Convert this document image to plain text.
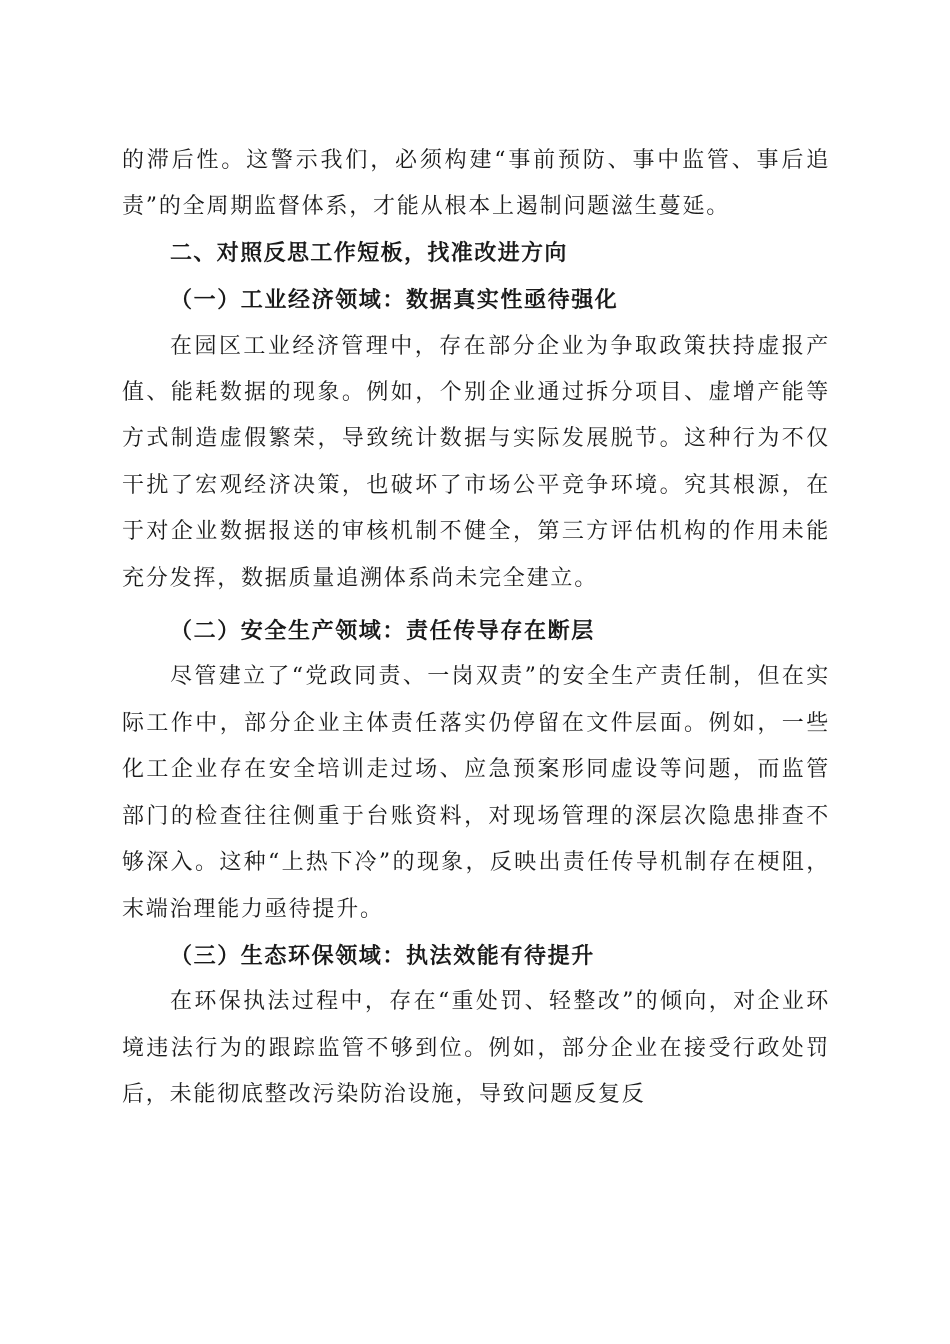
的滞后性。这警示我们，必须构建“事前预防、事中监管、事后追责”的全周期监督体系，才能从根本上遏制问题滋生蔓延。

二、对照反思工作短板，找准改进方向

（一）工业经济领域：数据真实性亟待强化

在园区工业经济管理中，存在部分企业为争取政策扶持虚报产值、能耗数据的现象。例如，个别企业通过拆分项目、虚增产能等方式制造虚假繁荣，导致统计数据与实际发展脱节。这种行为不仅干扰了宏观经济决策，也破坏了市场公平竞争环境。究其根源，在于对企业数据报送的审核机制不健全，第三方评估机构的作用未能充分发挥，数据质量追溯体系尚未完全建立。

（二）安全生产领域：责任传导存在断层

尽管建立了“党政同责、一岗双责”的安全生产责任制，但在实际工作中，部分企业主体责任落实仍停留在文件层面。例如，一些化工企业存在安全培训走过场、应急预案形同虚设等问题，而监管部门的检查往往侧重于台账资料，对现场管理的深层次隐患排查不够深入。这种“上热下冷”的现象，反映出责任传导机制存在梗阻，末端治理能力亟待提升。

（三）生态环保领域：执法效能有待提升

在环保执法过程中，存在“重处罚、轻整改”的倾向，对企业环境违法行为的跟踪监管不够到位。例如，部分企业在接受行政处罚后，未能彻底整改污染防治设施，导致问题反复反
